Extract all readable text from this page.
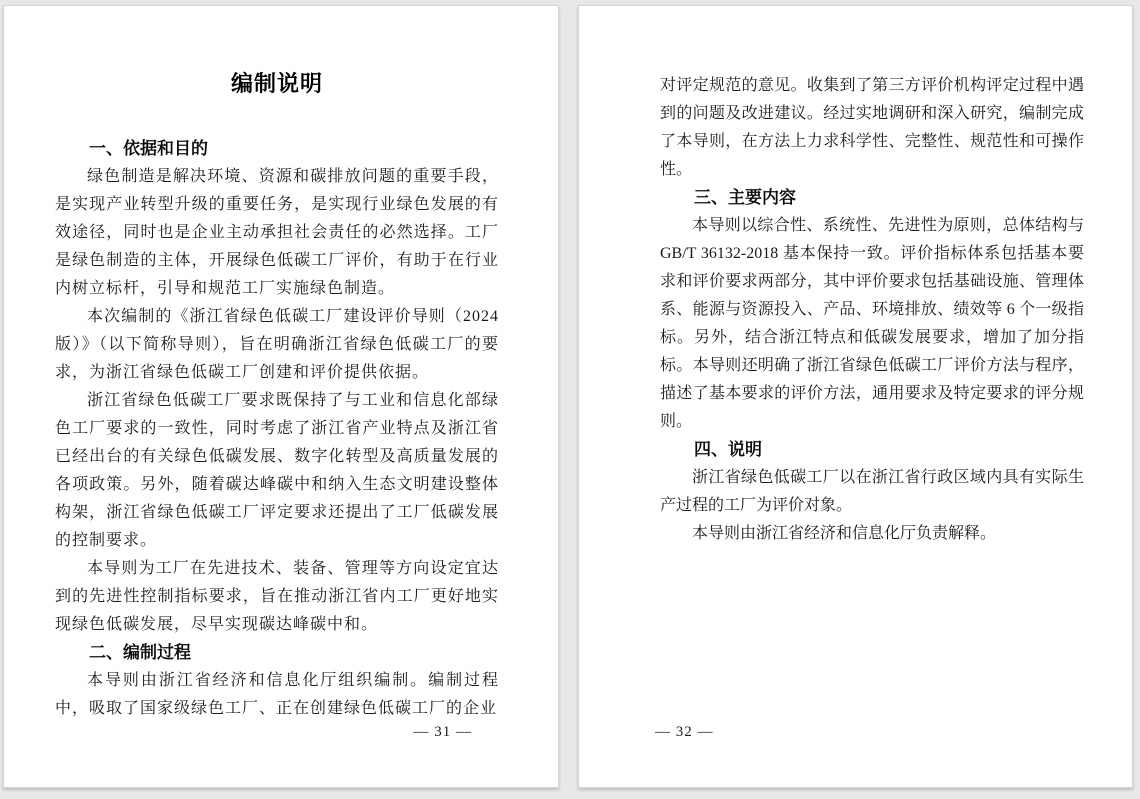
编制说明
一、依据和目的

绿色制造是解决环境、资源和碳排放问题的重要手段，是实现产业转型升级的重要任务，是实现行业绿色发展的有效途径，同时也是企业主动承担社会责任的必然选择。工厂是绿色制造的主体，开展绿色低碳工厂评价，有助于在行业内树立标杆，引导和规范工厂实施绿色制造。

本次编制的《浙江省绿色低碳工厂建设评价导则（2024版）》（以下简称导则），旨在明确浙江省绿色低碳工厂的要求，为浙江省绿色低碳工厂创建和评价提供依据。

浙江省绿色低碳工厂要求既保持了与工业和信息化部绿色工厂要求的一致性，同时考虑了浙江省产业特点及浙江省已经出台的有关绿色低碳发展、数字化转型及高质量发展的各项政策。另外，随着碳达峰碳中和纳入生态文明建设整体构架，浙江省绿色低碳工厂评定要求还提出了工厂低碳发展的控制要求。

本导则为工厂在先进技术、装备、管理等方向设定宜达到的先进性控制指标要求，旨在推动浙江省内工厂更好地实现绿色低碳发展，尽早实现碳达峰碳中和。

二、编制过程

本导则由浙江省经济和信息化厅组织编制。编制过程中，吸取了国家级绿色工厂、正在创建绿色低碳工厂的企业

— 31 —

对评定规范的意见。收集到了第三方评价机构评定过程中遇到的问题及改进建议。经过实地调研和深入研究，编制完成了本导则，在方法上力求科学性、完整性、规范性和可操作性。

三、主要内容

本导则以综合性、系统性、先进性为原则，总体结构与GB/T 36132-2018 基本保持一致。评价指标体系包括基本要求和评价要求两部分，其中评价要求包括基础设施、管理体系、能源与资源投入、产品、环境排放、绩效等 6 个一级指标。另外，结合浙江特点和低碳发展要求，增加了加分指标。本导则还明确了浙江省绿色低碳工厂评价方法与程序，描述了基本要求的评价方法，通用要求及特定要求的评分规则。

四、说明

浙江省绿色低碳工厂以在浙江省行政区域内具有实际生产过程的工厂为评价对象。

本导则由浙江省经济和信息化厅负责解释。

— 32 —
